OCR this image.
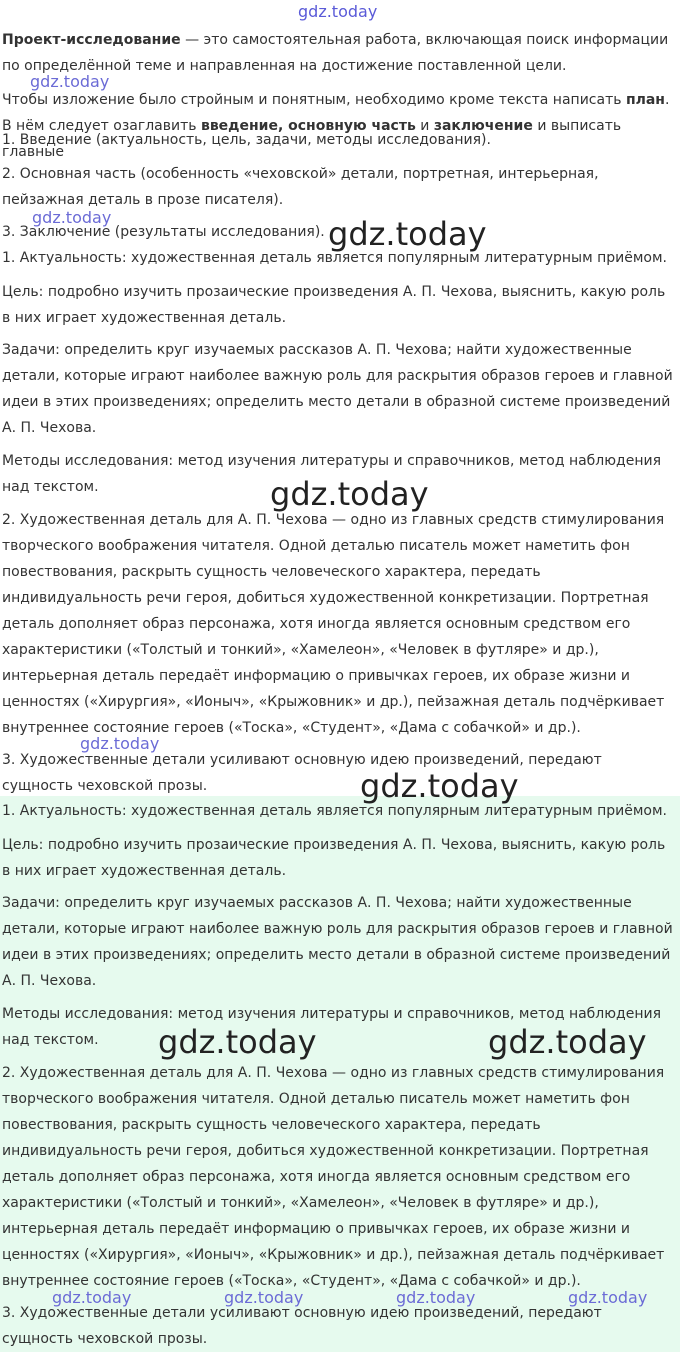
gdz.today

Проект-исследование — это самостоятельная работа, включающая поиск информации по определённой теме и направленная на достижение поставленной цели.

Чтобы изложение было стройным и понятным, необходимо кроме текста написать план.

В нём следует озаглавить введение, основную часть и заключение и выписать главные

1. Введение (актуальность, цель, задачи, методы исследования).

2. Основная часть (особенность «чеховской» детали, портретная, интерьерная, пейзажная деталь в прозе писателя).

3. Заключение (результаты исследования).

1. Актуальность: художественная деталь является популярным литературным приёмом.

Цель: подробно изучить прозаические произведения А. П. Чехова, выяснить, какую роль в них играет художественная деталь.

Задачи: определить круг изучаемых рассказов А. П. Чехова; найти художественные детали, которые играют наиболее важную роль для раскрытия образов героев и главной идеи в этих произведениях; определить место детали в образной системе произведений А. П. Чехова.

Методы исследования: метод изучения литературы и справочников, метод наблюдения над текстом.

2. Художественная деталь для А. П. Чехова — одно из главных средств стимулирования творческого воображения читателя. Одной деталью писатель может наметить фон повествования, раскрыть сущность человеческого характера, передать индивидуальность речи героя, добиться художественной конкретизации. Портретная деталь дополняет образ персонажа, хотя иногда является основным средством его характеристики («Толстый и тонкий», «Хамелеон», «Человек в футляре» и др.), интерьерная деталь передаёт информацию о привычках героев, их образе жизни и ценностях («Хирургия», «Ионыч», «Крыжовник» и др.), пейзажная деталь подчёркивает внутреннее состояние героев («Тоска», «Студент», «Дама с собачкой» и др.).

3. Художественные детали усиливают основную идею произведений, передают сущность чеховской прозы.

1. Актуальность: художественная деталь является популярным литературным приёмом.

Цель: подробно изучить прозаические произведения А. П. Чехова, выяснить, какую роль в них играет художественная деталь.

Задачи: определить круг изучаемых рассказов А. П. Чехова; найти художественные детали, которые играют наиболее важную роль для раскрытия образов героев и главной идеи в этих произведениях; определить место детали в образной системе произведений А. П. Чехова.

Методы исследования: метод изучения литературы и справочников, метод наблюдения над текстом.

2. Художественная деталь для А. П. Чехова — одно из главных средств стимулирования творческого воображения читателя. Одной деталью писатель может наметить фон повествования, раскрыть сущность человеческого характера, передать индивидуальность речи героя, добиться художественной конкретизации. Портретная деталь дополняет образ персонажа, хотя иногда является основным средством его характеристики («Толстый и тонкий», «Хамелеон», «Человек в футляре» и др.), интерьерная деталь передаёт информацию о привычках героев, их образе жизни и ценностях («Хирургия», «Ионыч», «Крыжовник» и др.), пейзажная деталь подчёркивает внутреннее состояние героев («Тоска», «Студент», «Дама с собачкой» и др.).

3. Художественные детали усиливают основную идею произведений, передают сущность чеховской прозы.

gdz.today
gdz.today	gdz.today
gdz.today
gdz.today
gdz.today
gdz.today	gdz.today
gdz.today	gdz.today	gdz.today	gdz.today
